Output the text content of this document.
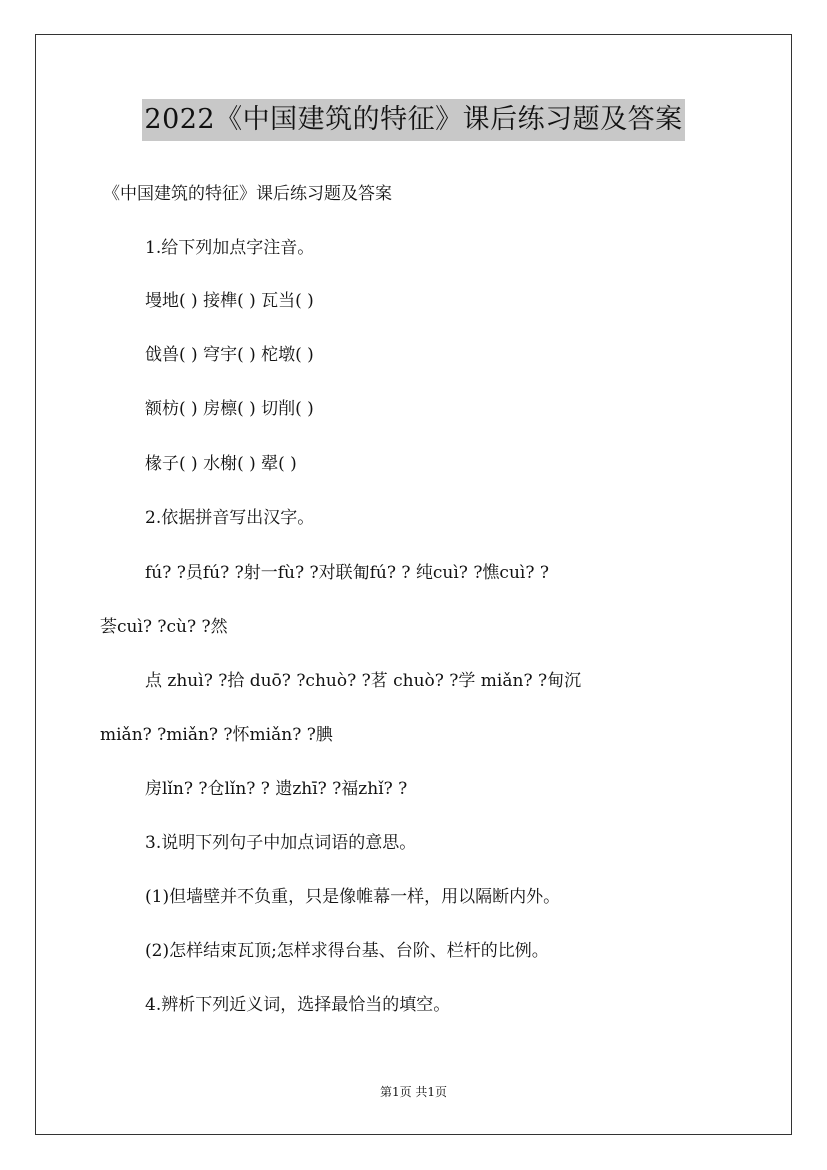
2022《中国建筑的特征》课后练习题及答案
《中国建筑的特征》课后练习题及答案
1.给下列加点字注音。
墁地( ) 接榫( ) 瓦当( )
戗兽( ) 穹宇( ) 柁墩( )
额枋( ) 房檩( ) 切削( )
椽子( ) 水榭( ) 翚( )
2.依据拼音写出汉字。
fú? ?员fú? ?射一fù? ?对联匍fú? ? 纯cuì? ?憔cuì? ?
荟cuì? ?cù? ?然
点 zhuì? ?拾 duō? ?chuò? ?茗 chuò? ?学 miǎn? ?甸沉
miǎn? ?miǎn? ?怀miǎn? ?腆
房lǐn? ?仓lǐn? ? 遗zhī? ?福zhǐ? ?
3.说明下列句子中加点词语的意思。
(1)但墙壁并不负重，只是像帷幕一样，用以隔断内外。
(2)怎样结束瓦顶;怎样求得台基、台阶、栏杆的比例。
4.辨析下列近义词，选择最恰当的填空。
第1页 共1页
